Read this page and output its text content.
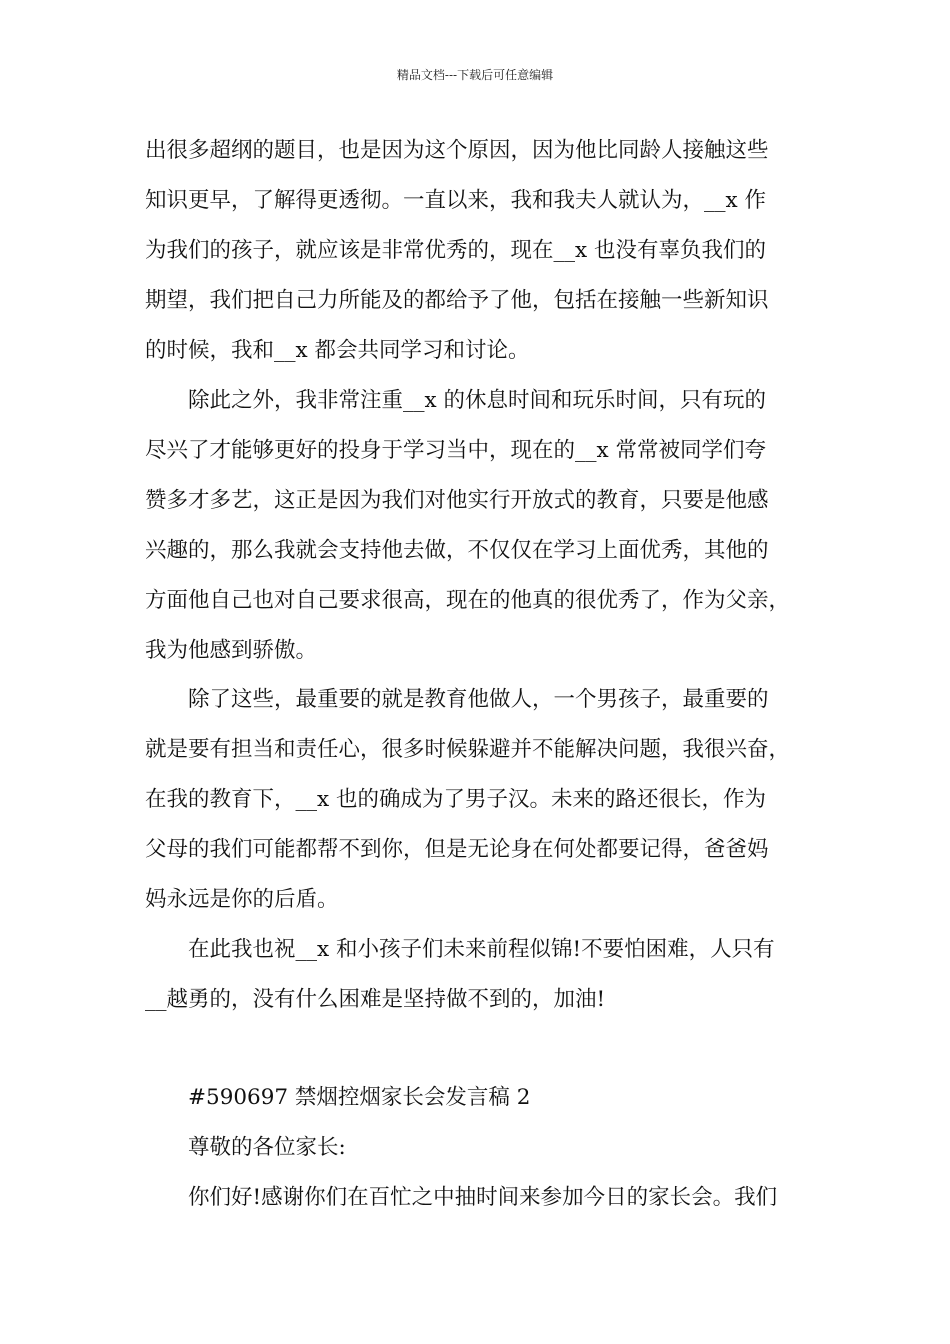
精品文档---下载后可任意编辑
出很多超纲的题目，也是因为这个原因，因为他比同龄人接触这些
知识更早，了解得更透彻。一直以来，我和我夫人就认为，__x 作
为我们的孩子，就应该是非常优秀的，现在__x 也没有辜负我们的
期望，我们把自己力所能及的都给予了他，包括在接触一些新知识
的时候，我和__x 都会共同学习和讨论。
除此之外，我非常注重__x 的休息时间和玩乐时间，只有玩的
尽兴了才能够更好的投身于学习当中，现在的__x 常常被同学们夸
赞多才多艺，这正是因为我们对他实行开放式的教育，只要是他感
兴趣的，那么我就会支持他去做，不仅仅在学习上面优秀，其他的
方面他自己也对自己要求很高，现在的他真的很优秀了，作为父亲，
我为他感到骄傲。
除了这些，最重要的就是教育他做人，一个男孩子，最重要的
就是要有担当和责任心，很多时候躲避并不能解决问题，我很兴奋，
在我的教育下，__x 也的确成为了男子汉。未来的路还很长，作为
父母的我们可能都帮不到你，但是无论身在何处都要记得，爸爸妈
妈永远是你的后盾。
在此我也祝__x 和小孩子们未来前程似锦!不要怕困难，人只有
__越勇的，没有什么困难是坚持做不到的，加油!
#590697 禁烟控烟家长会发言稿 2
尊敬的各位家长:
你们好!感谢你们在百忙之中抽时间来参加今日的家长会。我们
